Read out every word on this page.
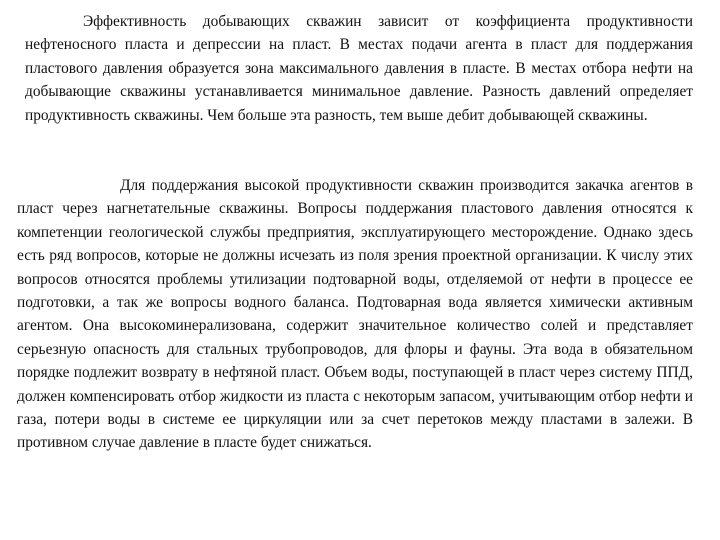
Эффективность добывающих скважин зависит от коэффициента продуктивности нефтеносного пласта и депрессии на пласт. В местах подачи агента в пласт для поддержания пластового давления образуется зона максимального давления в пласте. В местах отбора нефти на добывающие скважины устанавливается минимальное давление. Разность давлений определяет продуктивность скважины. Чем больше эта разность, тем выше дебит добывающей скважины.

Для поддержания высокой продуктивности скважин производится закачка агентов в пласт через нагнетательные скважины. Вопросы поддержания пластового давления относятся к компетенции геологической службы предприятия, эксплуатирующего месторождение. Однако здесь есть ряд вопросов, которые не должны исчезать из поля зрения проектной организации. К числу этих вопросов относятся проблемы утилизации подтоварной воды, отделяемой от нефти в процессе ее подготовки, а так же вопросы водного баланса. Подтоварная вода является химически активным агентом. Она высокоминерализована, содержит значительное количество солей и представляет серьезную опасность для стальных трубопроводов, для флоры и фауны. Эта вода в обязательном порядке подлежит возврату в нефтяной пласт. Объем воды, поступающей в пласт через систему ППД, должен компенсировать отбор жидкости из пласта с некоторым запасом, учитывающим отбор нефти и газа, потери воды в системе ее циркуляции или за счет перетоков между пластами в залежи. В противном случае давление в пласте будет снижаться.
